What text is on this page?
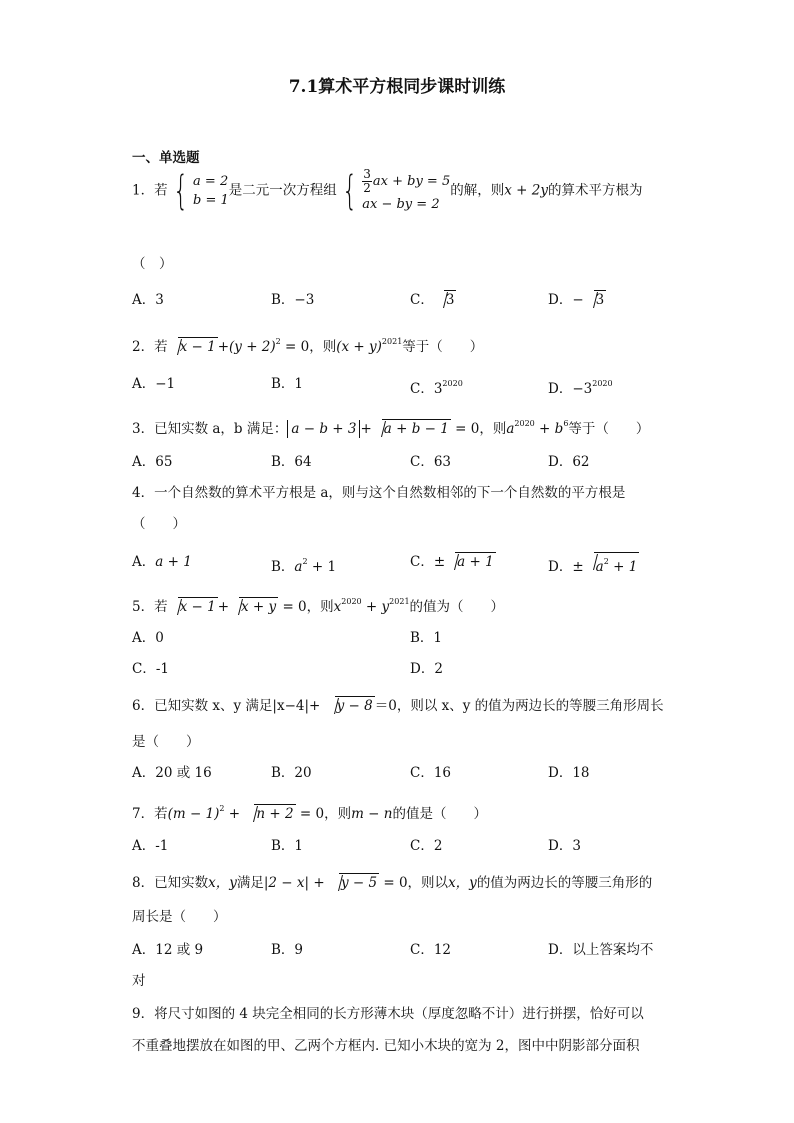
7.1算术平方根同步课时训练
一、单选题
1．若 { a = 2
b = 1
是二元一次方程组 { $\frac{3}{2}$ ax + by = 5
ax − by = 2
的解，则x + 2y的算术平方根为
（　）
A．3	B．−3	C． 3	D．− 3
2．若 $x - 1 +(y + 2)^2 = 0$，则$(x + y)^{2021}$等于（　　）
A．−1	B．1	C．$3^{2020}$	D．$-3^{2020}$
3．已知实数 a，b 满足： a − b + 3 + a + b − 1 = 0，则$a^{2020} + b^6$等于（　　）
A．65	B．64	C．63	D．62
4．一个自然数的算术平方根是 a，则与这个自然数相邻的下一个自然数的平方根是
（　　）
A．a + 1	B．$a^2 + 1$	C．± a + 1	D．± $a^2 + 1$
5．若 x − 1 + x + y = 0，则$x^{2020} + y^{2021}$的值为（　　）
A．0	B．1
C．-1	D．2
6．已知实数 x、y 满足|x−4|+ y − 8 ＝0，则以 x、y 的值为两边长的等腰三角形周长
是（　　）
A．20 或 16	B．20	C．16	D．18
7．若$(m - 1)^2 + n + 2 = 0$，则m − n的值是（　　）
A．-1	B．1	C．2	D．3
8．已知实数x，y满足|2 − x| + y − 5 = 0，则以x，y的值为两边长的等腰三角形的
周长是（　　）
A．12 或 9	B．9	C．12	D．以上答案均不
对
9．将尺寸如图的 4 块完全相同的长方形薄木块（厚度忽略不计）进行拼摆，恰好可以
不重叠地摆放在如图的甲、乙两个方框内. 已知小木块的宽为 2，图中中阴影部分面积
